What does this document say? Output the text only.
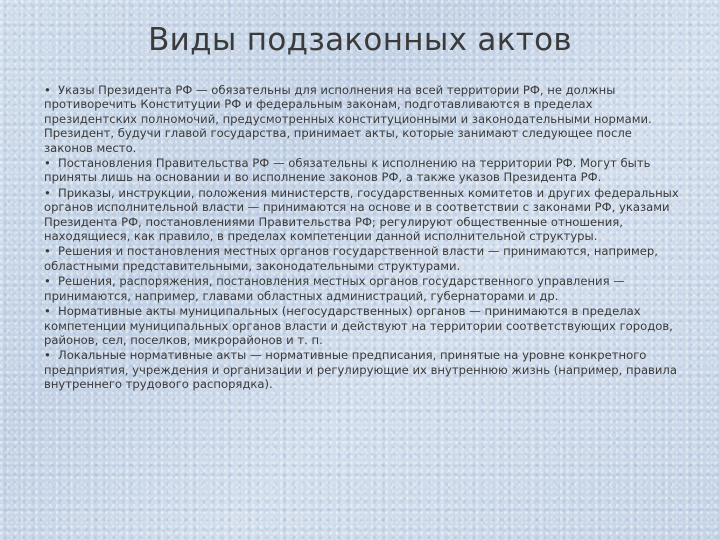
Виды подзаконных актов
• Указы Президента РФ — обязательны для исполнения на всей территории РФ, не должны противоречить Конституции РФ и федеральным законам, подготавливаются в пределах президентских полномочий, предусмотренных конституционными и законодательными нормами. Президент, будучи главой государства, принимает акты, которые занимают следующее после законов место.
• Постановления Правительства РФ — обязательны к исполнению на территории РФ. Могут быть приняты лишь на основании и во исполнение законов РФ, а также указов Президента РФ.
• Приказы, инструкции, положения министерств, государственных комитетов и других федеральных органов исполнительной власти — принимаются на основе и в соответствии с законами РФ, указами Президента РФ, постановлениями Правительства РФ; регулируют общественные отношения, находящиеся, как правило, в пределах компетенции данной исполнительной структуры.
• Решения и постановления местных органов государственной власти — принимаются, например, областными представительными, законодательными структурами.
• Решения, распоряжения, постановления местных органов государственного управления — принимаются, например, главами областных администраций, губернаторами и др.
• Нормативные акты муниципальных (негосударственных) органов — принимаются в пределах компетенции муниципальных органов власти и действуют на территории соответствующих городов, районов, сел, поселков, микрорайонов и т. п.
• Локальные нормативные акты — нормативные предписания, принятые на уровне конкретного предприятия, учреждения и организации и регулирующие их внутреннюю жизнь (например, правила внутреннего трудового распорядка).
